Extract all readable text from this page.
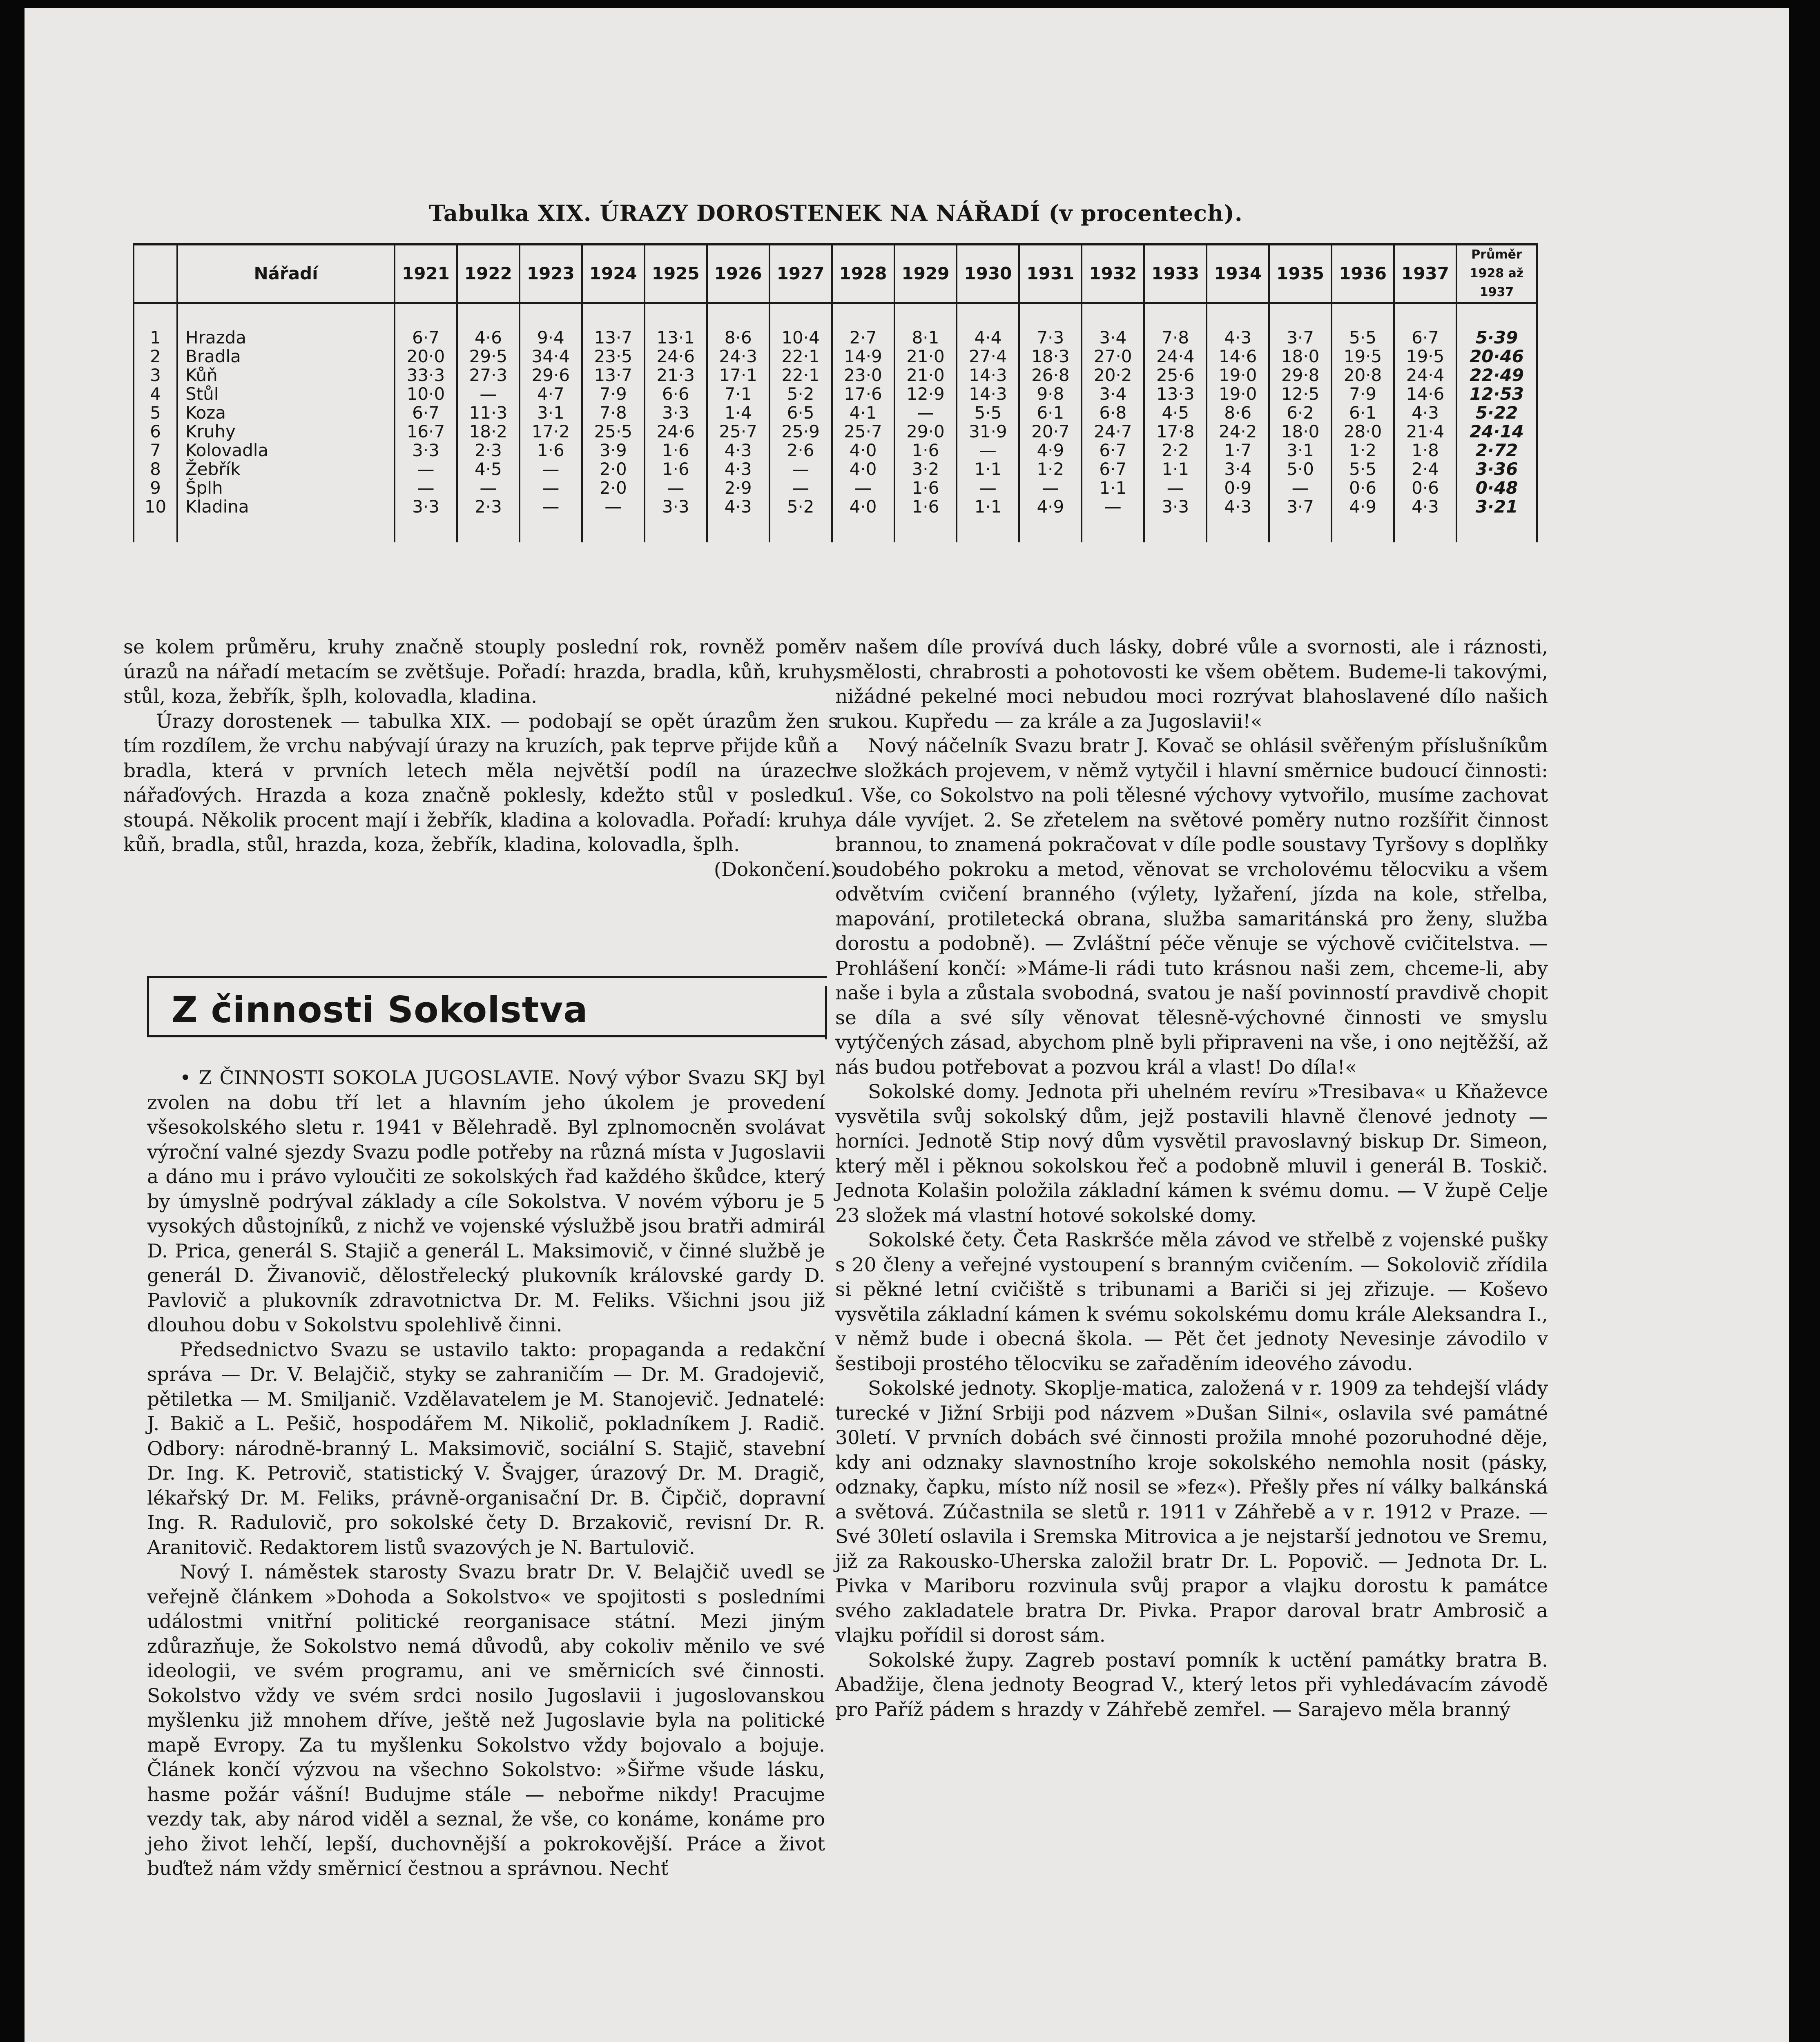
Tabulka XIX. ÚRAZY DOROSTENEK NA NÁŘADÍ (v procentech).
	Nářadí	1921	1922	1923	1924	1925	1926	1927	1928	1929	1930	1931	1932	1933	1934	1935	1936	1937	Průměr 1928 až 1937
1	Hrazda	6·7	4·6	9·4	13·7	13·1	8·6	10·4	2·7	8·1	4·4	7·3	3·4	7·8	4·3	3·7	5·5	6·7	5·39
2	Bradla	20·0	29·5	34·4	23·5	24·6	24·3	22·1	14·9	21·0	27·4	18·3	27·0	24·4	14·6	18·0	19·5	19·5	20·46
3	Kůň	33·3	27·3	29·6	13·7	21·3	17·1	22·1	23·0	21·0	14·3	26·8	20·2	25·6	19·0	29·8	20·8	24·4	22·49
4	Stůl	10·0	—	4·7	7·9	6·6	7·1	5·2	17·6	12·9	14·3	9·8	3·4	13·3	19·0	12·5	7·9	14·6	12·53
5	Koza	6·7	11·3	3·1	7·8	3·3	1·4	6·5	4·1	—	5·5	6·1	6·8	4·5	8·6	6·2	6·1	4·3	5·22
6	Kruhy	16·7	18·2	17·2	25·5	24·6	25·7	25·9	25·7	29·0	31·9	20·7	24·7	17·8	24·2	18·0	28·0	21·4	24·14
7	Kolovadla	3·3	2·3	1·6	3·9	1·6	4·3	2·6	4·0	1·6	—	4·9	6·7	2·2	1·7	3·1	1·2	1·8	2·72
8	Žebřík	—	4·5	—	2·0	1·6	4·3	—	4·0	3·2	1·1	1·2	6·7	1·1	3·4	5·0	5·5	2·4	3·36
9	Šplh	—	—	—	2·0	—	2·9	—	—	1·6	—	—	1·1	—	0·9	—	0·6	0·6	0·48
10	Kladina	3·3	2·3	—	—	3·3	4·3	5·2	4·0	1·6	1·1	4·9	—	3·3	4·3	3·7	4·9	4·3	3·21

se kolem průměru, kruhy značně stouply poslední rok, rovněž poměr úrazů na nářadí metacím se zvětšuje. Pořadí: hrazda, bradla, kůň, kruhy, stůl, koza, žebřík, šplh, kolovadla, kladina.

Úrazy dorostenek — tabulka XIX. — podobají se opět úrazům žen s tím rozdílem, že vrchu nabývají úrazy na kruzích, pak teprve přijde kůň a bradla, která v prvních letech měla největší podíl na úrazech nářaďových. Hrazda a koza značně poklesly, kdežto stůl v posledku stoupá. Několik procent mají i žebřík, kladina a kolovadla. Pořadí: kruhy, kůň, bradla, stůl, hrazda, koza, žebřík, kladina, kolovadla, šplh.

(Dokončení.)

Z činnosti Sokolstva

• Z ČINNOSTI SOKOLA JUGOSLAVIE. Nový výbor Svazu SKJ byl zvolen na dobu tří let a hlavním jeho úkolem je provedení všesokolského sletu r. 1941 v Bělehradě. Byl zplnomocněn svolávat výroční valné sjezdy Svazu podle potřeby na různá místa v Jugoslavii a dáno mu i právo vyloučiti ze sokolských řad každého škůdce, který by úmyslně podrýval základy a cíle Sokolstva. V novém výboru je 5 vysokých důstojníků, z nichž ve vojenské výslužbě jsou bratři admirál D. Prica, generál S. Stajič a generál L. Maksimovič, v činné službě je generál D. Živanovič, dělostřelecký plukovník královské gardy D. Pavlovič a plukovník zdravotnictva Dr. M. Feliks. Všichni jsou již dlouhou dobu v Sokolstvu spolehlivě činni.

Předsednictvo Svazu se ustavilo takto: propaganda a redakční správa — Dr. V. Belajčič, styky se zahraničím — Dr. M. Gradojevič, pětiletka — M. Smiljanič. Vzdělavatelem je M. Stanojevič. Jednatelé: J. Bakič a L. Pešič, hospodářem M. Nikolič, pokladníkem J. Radič. Odbory: národně-branný L. Maksimovič, sociální S. Stajič, stavební Dr. Ing. K. Petrovič, statistický V. Švajger, úrazový Dr. M. Dragič, lékařský Dr. M. Feliks, právně-organisační Dr. B. Čipčič, dopravní Ing. R. Radulovič, pro sokolské čety D. Brzakovič, revisní Dr. R. Aranitovič. Redaktorem listů svazových je N. Bartulovič.

Nový I. náměstek starosty Svazu bratr Dr. V. Belajčič uvedl se veřejně článkem »Dohoda a Sokolstvo« ve spojitosti s posledními událostmi vnitřní politické reorganisace státní. Mezi jiným zdůrazňuje, že Sokolstvo nemá důvodů, aby cokoliv měnilo ve své ideologii, ve svém programu, ani ve směrnicích své činnosti. Sokolstvo vždy ve svém srdci nosilo Jugoslavii i jugoslovanskou myšlenku již mnohem dříve, ještě než Jugoslavie byla na politické mapě Evropy. Za tu myšlenku Sokolstvo vždy bojovalo a bojuje. Článek končí výzvou na všechno Sokolstvo: »Šiřme všude lásku, hasme požár vášní! Budujme stále — nebořme nikdy! Pracujme vezdy tak, aby národ viděl a seznal, že vše, co konáme, konáme pro jeho život lehčí, lepší, duchovnější a pokrokovější. Práce a život buďtež nám vždy směrnicí čestnou a správnou. Nechť

v našem díle provívá duch lásky, dobré vůle a svornosti, ale i ráznosti, smělosti, chrabrosti a pohotovosti ke všem obětem. Budeme-li takovými, nižádné pekelné moci nebudou moci rozrývat blahoslavené dílo našich rukou. Kupředu — za krále a za Jugoslavii!«

Nový náčelník Svazu bratr J. Kovač se ohlásil svěřeným příslušníkům ve složkách projevem, v němž vytyčil i hlavní směrnice budoucí činnosti: 1. Vše, co Sokolstvo na poli tělesné výchovy vytvořilo, musíme zachovat a dále vyvíjet. 2. Se zřetelem na světové poměry nutno rozšířit činnost brannou, to znamená pokračovat v díle podle soustavy Tyršovy s doplňky soudobého pokroku a metod, věnovat se vrcholovému tělocviku a všem odvětvím cvičení branného (výlety, lyžaření, jízda na kole, střelba, mapování, protiletecká obrana, služba samaritánská pro ženy, služba dorostu a podobně). — Zvláštní péče věnuje se výchově cvičitelstva. — Prohlášení končí: »Máme-li rádi tuto krásnou naši zem, chceme-li, aby naše i byla a zůstala svobodná, svatou je naší povinností pravdivě chopit se díla a své síly věnovat tělesně-výchovné činnosti ve smyslu vytýčených zásad, abychom plně byli připraveni na vše, i ono nejtěžší, až nás budou potřebovat a pozvou král a vlast! Do díla!«

Sokolské domy. Jednota při uhelném revíru »Tresibava« u Kňaževce vysvětila svůj sokolský dům, jejž postavili hlavně členové jednoty — horníci. Jednotě Stip nový dům vysvětil pravoslavný biskup Dr. Simeon, který měl i pěknou sokolskou řeč a podobně mluvil i generál B. Toskič. Jednota Kolašin položila základní kámen k svému domu. — V župě Celje 23 složek má vlastní hotové sokolské domy.

Sokolské čety. Četa Raskršće měla závod ve střelbě z vojenské pušky s 20 členy a veřejné vystoupení s branným cvičením. — Sokolovič zřídila si pěkné letní cvičiště s tribunami a Bariči si jej zřizuje. — Koševo vysvětila základní kámen k svému sokolskému domu krále Aleksandra I., v němž bude i obecná škola. — Pět čet jednoty Nevesinje závodilo v šestiboji prostého tělocviku se zařaděním ideového závodu.

Sokolské jednoty. Skoplje-matica, založená v r. 1909 za tehdejší vlády turecké v Jižní Srbiji pod názvem »Dušan Silni«, oslavila své památné 30letí. V prvních dobách své činnosti prožila mnohé pozoruhodné děje, kdy ani odznaky slavnostního kroje sokolského nemohla nosit (pásky, odznaky, čapku, místo níž nosil se »fez«). Přešly přes ní války balkánská a světová. Zúčastnila se sletů r. 1911 v Záhřebě a v r. 1912 v Praze. — Své 30letí oslavila i Sremska Mitrovica a je nejstarší jednotou ve Sremu, již za Rakousko-Uherska založil bratr Dr. L. Popovič. — Jednota Dr. L. Pivka v Mariboru rozvinula svůj prapor a vlajku dorostu k památce svého zakladatele bratra Dr. Pivka. Prapor daroval bratr Ambrosič a vlajku pořídil si dorost sám.

Sokolské župy. Zagreb postaví pomník k uctění památky bratra B. Abadžije, člena jednoty Beograd V., který letos při vyhledávacím závodě pro Paříž pádem s hrazdy v Záhřebě zemřel. — Sarajevo měla branný
